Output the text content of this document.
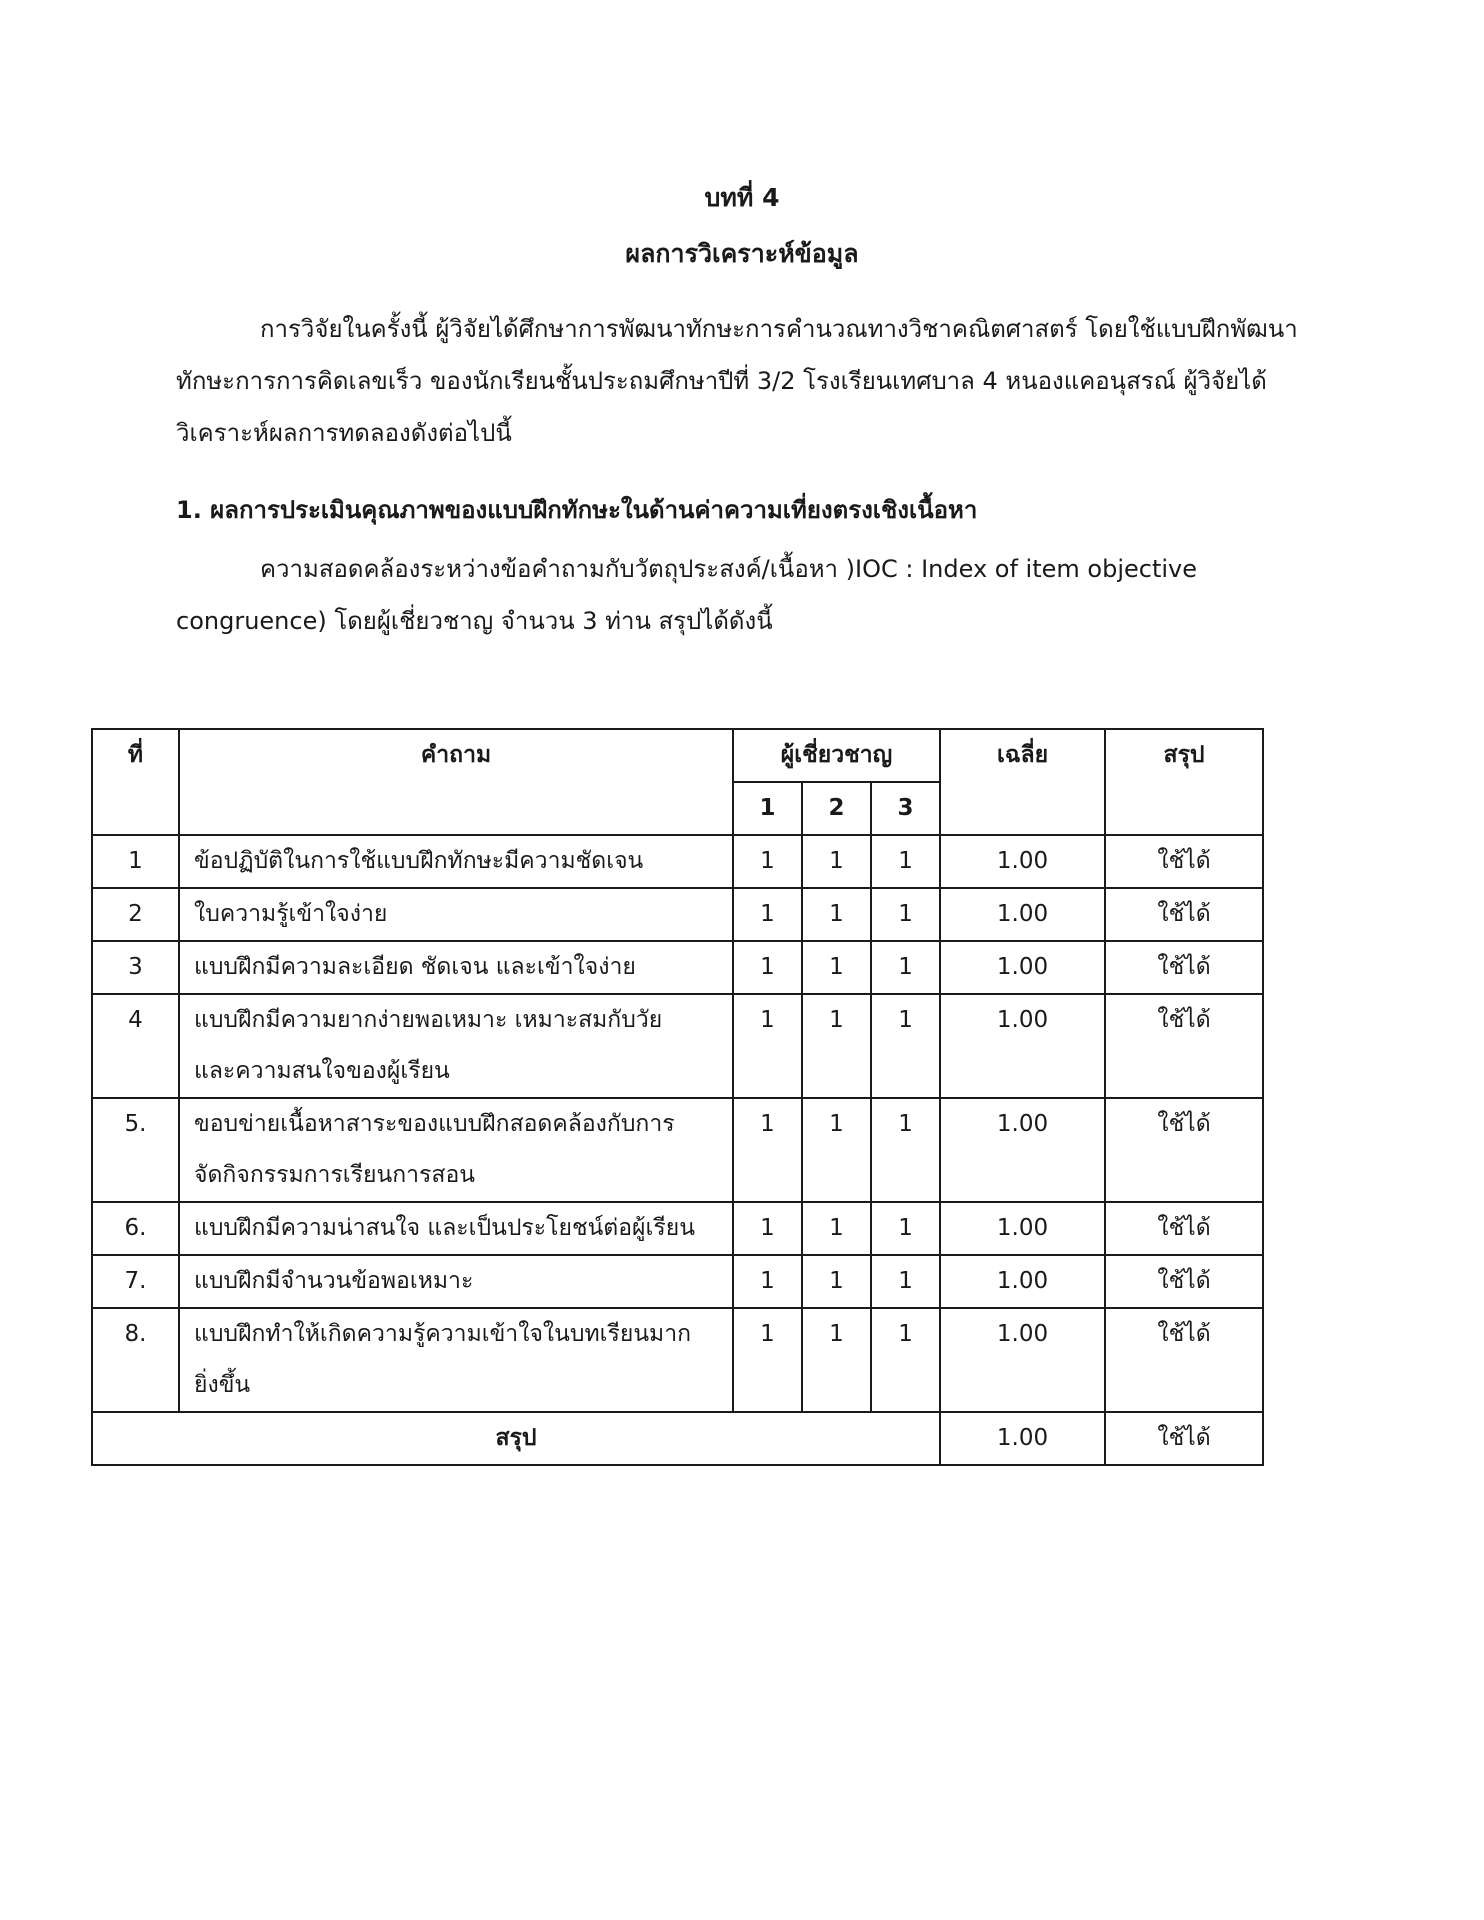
บทที่ 4
ผลการวิเคราะห์ข้อมูล
การวิจัยในครั้งนี้ ผู้วิจัยได้ศึกษาการพัฒนาทักษะการคำนวณทางวิชาคณิตศาสตร์ โดยใช้แบบฝึกพัฒนา
ทักษะการการคิดเลขเร็ว ของนักเรียนชั้นประถมศึกษาปีที่ 3/2 โรงเรียนเทศบาล 4 หนองแคอนุสรณ์ ผู้วิจัยได้
วิเคราะห์ผลการทดลองดังต่อไปนี้
1. ผลการประเมินคุณภาพของแบบฝึกทักษะในด้านค่าความเที่ยงตรงเชิงเนื้อหา
ความสอดคล้องระหว่างข้อคำถามกับวัตถุประสงค์/เนื้อหา )IOC : Index of item objective
congruence) โดยผู้เชี่ยวชาญ จำนวน 3 ท่าน สรุปได้ดังนี้
ที่	คำถาม	ผู้เชี่ยวชาญ			เฉลี่ย	สรุป
		1	2	3		
1	ข้อปฏิบัติในการใช้แบบฝึกทักษะมีความชัดเจน	1	1	1	1.00	ใช้ได้
2	ใบความรู้เข้าใจง่าย	1	1	1	1.00	ใช้ได้
3	แบบฝึกมีความละเอียด ชัดเจน และเข้าใจง่าย	1	1	1	1.00	ใช้ได้
4	แบบฝึกมีความยากง่ายพอเหมาะ เหมาะสมกับวัย
และความสนใจของผู้เรียน	1	1	1	1.00	ใช้ได้
5.	ขอบข่ายเนื้อหาสาระของแบบฝึกสอดคล้องกับการ
จัดกิจกรรมการเรียนการสอน	1	1	1	1.00	ใช้ได้
6.	แบบฝึกมีความน่าสนใจ และเป็นประโยชน์ต่อผู้เรียน	1	1	1	1.00	ใช้ได้
7.	แบบฝึกมีจำนวนข้อพอเหมาะ	1	1	1	1.00	ใช้ได้
8.	แบบฝึกทำให้เกิดความรู้ความเข้าใจในบทเรียนมาก
ยิ่งขึ้น	1	1	1	1.00	ใช้ได้
สรุป					1.00	ใช้ได้
